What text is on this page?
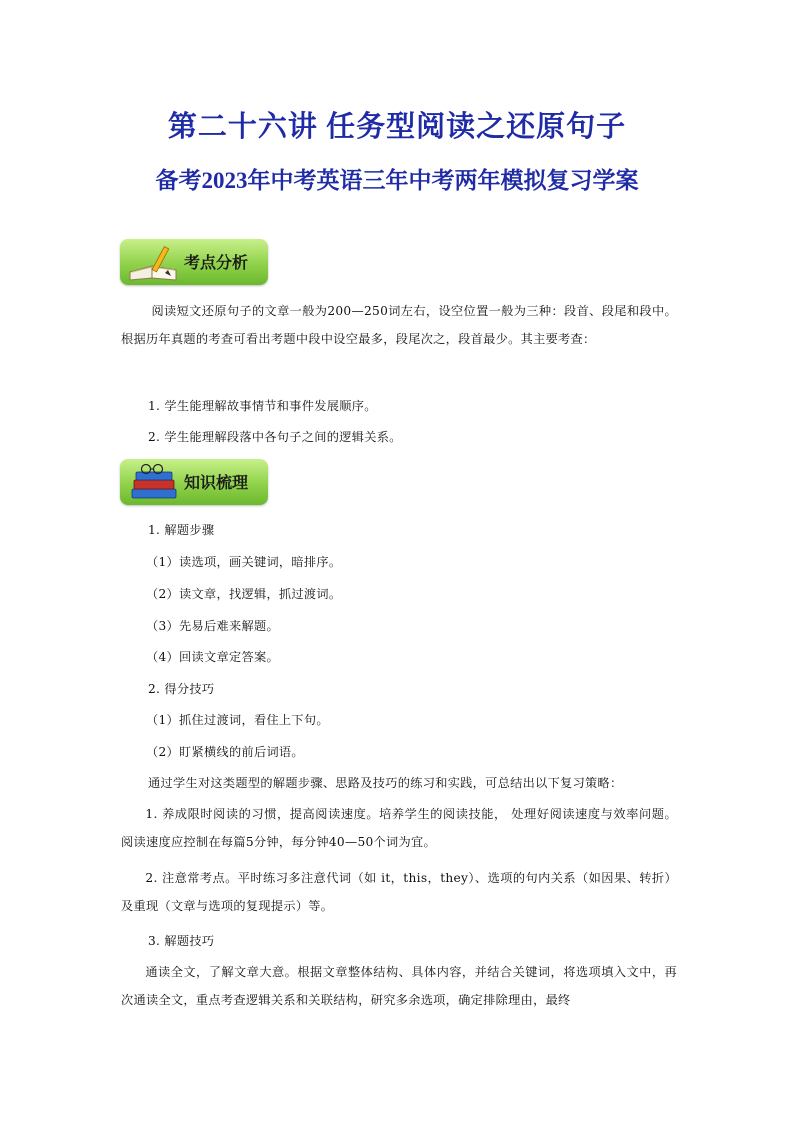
第二十六讲 任务型阅读之还原句子
备考2023年中考英语三年中考两年模拟复习学案
考点分析
阅读短文还原句子的文章一般为200—250词左右，设空位置一般为三种：段首、段尾和段中。根据历年真题的考查可看出考题中段中设空最多，段尾次之，段首最少。其主要考查：
1. 学生能理解故事情节和事件发展顺序。
2. 学生能理解段落中各句子之间的逻辑关系。
知识梳理
1. 解题步骤
（1）读选项，画关键词，暗排序。
（2）读文章，找逻辑，抓过渡词。
（3）先易后难来解题。
（4）回读文章定答案。
2. 得分技巧
（1）抓住过渡词，看住上下句。
（2）盯紧横线的前后词语。
通过学生对这类题型的解题步骤、思路及技巧的练习和实践，可总结出以下复习策略：
1. 养成限时阅读的习惯，提高阅读速度。培养学生的阅读技能， 处理好阅读速度与效率问题。阅读速度应控制在每篇5分钟，每分钟40—50个词为宜。
2. 注意常考点。平时练习多注意代词（如 it，this，they）、选项的句内关系（如因果、转折）及重现（文章与选项的复现提示）等。
3. 解题技巧
通读全文，了解文章大意。根据文章整体结构、具体内容，并结合关键词，将选项填入文中，再次通读全文，重点考查逻辑关系和关联结构，研究多余选项，确定排除理由，最终
